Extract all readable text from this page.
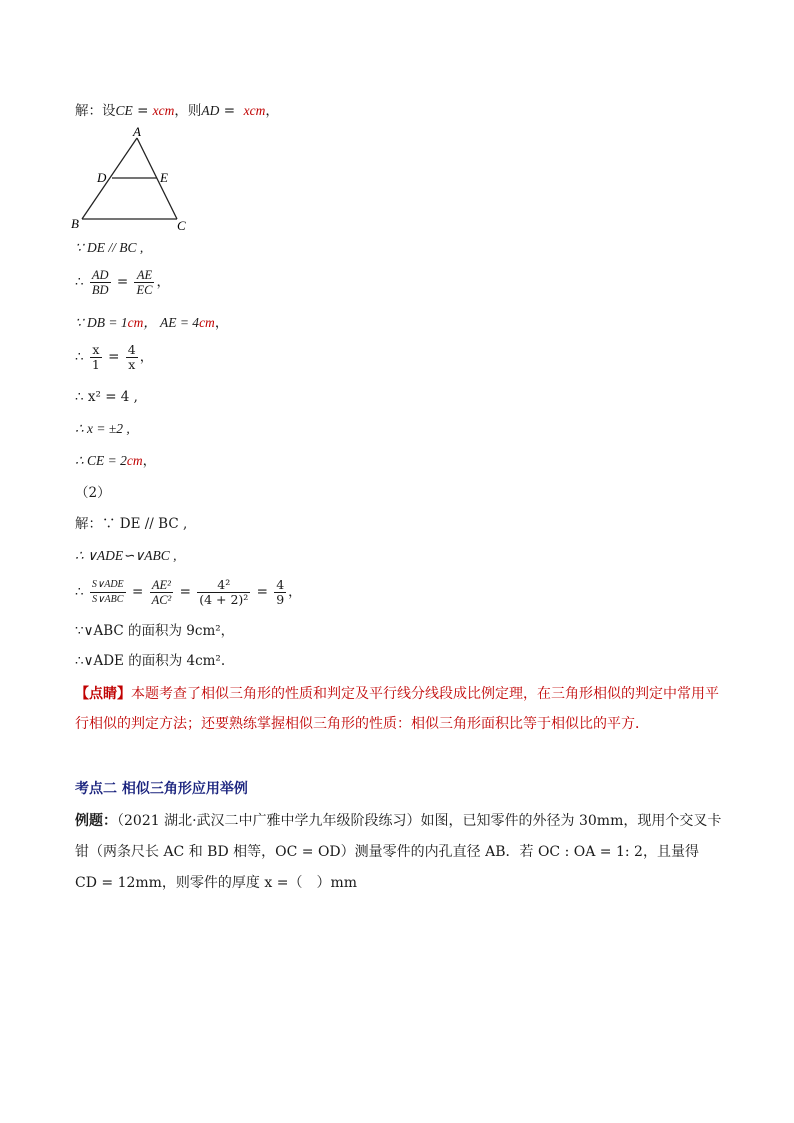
解：设CE = xcm，则AD = xcm，
A
B	C
D	E
∵ DE // BC ,
∴ $\frac{AD}{BD} = \frac{AE}{EC}$ ，
∵ DB = 1cm， AE = 4cm，
∴ $\frac{x}{1} = \frac{4}{x}$ ，
∴ x² = 4 ,
∴ x = ±2 ,
∴ CE = 2cm，
（2）
解：∵ DE // BC ,
∴ ∨ADE∽∨ABC ,
∴ $\frac{\text{S∨ADE}}{\text{S∨ABC}} = \frac{\text{AE²}}{\text{AC²}} = \frac{\text{4²}}{\text{(4 + 2)²}} = \frac{4}{9}$ ，
∵∨ABC 的面积为 9cm²，
∴∨ADE 的面积为 4cm².
【点睛】本题考查了相似三角形的性质和判定及平行线分线段成比例定理，在三角形相似的判定中常用平行相似的判定方法；还要熟练掌握相似三角形的性质：相似三角形面积比等于相似比的平方．
考点二 相似三角形应用举例
例题：（2021 湖北·武汉二中广雅中学九年级阶段练习）如图，已知零件的外径为 30mm，现用个交叉卡钳（两条尺长 AC 和 BD 相等，OC = OD）测量零件的内孔直径 AB．若 OC : OA = 1: 2，且量得 CD = 12mm，则零件的厚度 x =（　）mm
